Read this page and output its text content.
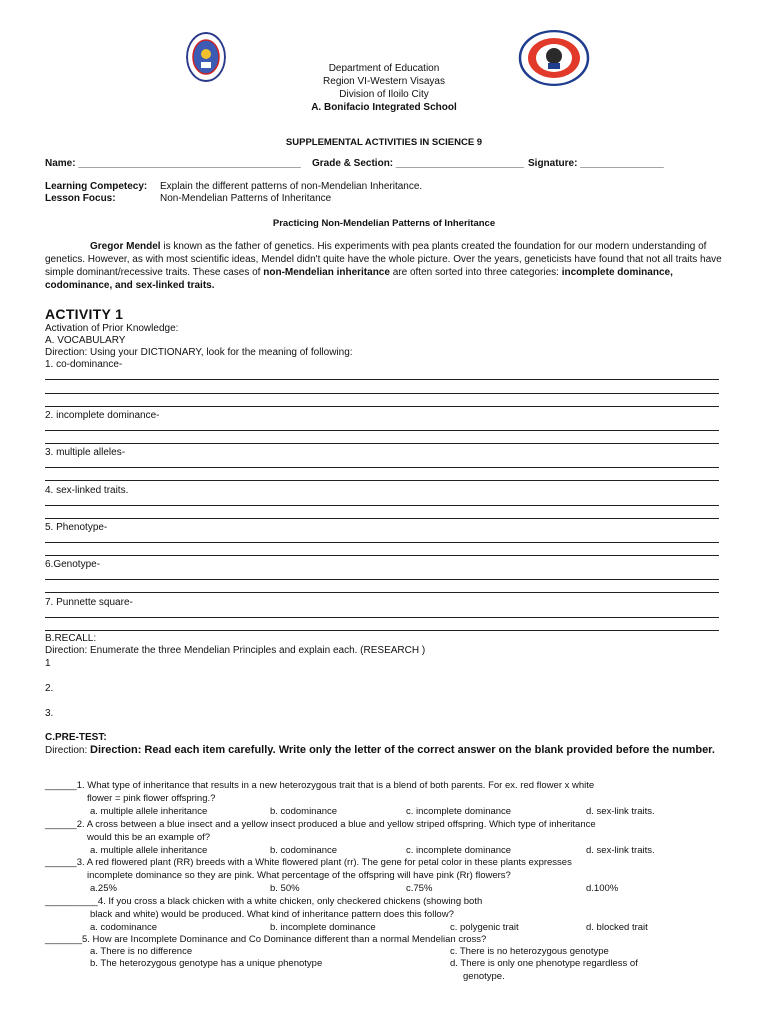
Department of Education
Region VI-Western Visayas
Division of Iloilo City
A. Bonifacio Integrated School
SUPPLEMENTAL ACTIVITIES IN SCIENCE 9
Name: ________________________________________ Grade & Section: _______________________ Signature: _______________
Learning Competecy: Explain the different patterns of non-Mendelian Inheritance.
Lesson Focus:	Non-Mendelian Patterns of Inheritance
Practicing Non-Mendelian Patterns of Inheritance
Gregor Mendel is known as the father of genetics. His experiments with pea plants created the foundation for our modern understanding of genetics. However, as with most scientific ideas, Mendel didn't quite have the whole picture. Over the years, geneticists have found that not all traits have simple dominant/recessive traits. These cases of non-Mendelian inheritance are often sorted into three categories: incomplete dominance, codominance, and sex-linked traits.
ACTIVITY 1
Activation of Prior Knowledge:
A. VOCABULARY
Direction: Using your DICTIONARY, look for the meaning of following:
1. co-dominance-
2. incomplete dominance-
3. multiple alleles-
4. sex-linked traits.
5. Phenotype-
6.Genotype-
7. Punnette square-
B.RECALL:
Direction: Enumerate the three Mendelian Principles and explain each. (RESEARCH )
1
2.
3.
C.PRE-TEST:
Direction: Direction: Read each item carefully. Write only the letter of the correct answer on the blank provided before the number.
______1. What type of inheritance that results in a new heterozygous trait that is a blend of both parents. For ex. red flower x white
flower = pink flower offspring.?
a. multiple allele inheritance	b. codominance	c. incomplete dominance	d. sex-link traits.
______2. A cross between a blue insect and a yellow insect produced a blue and yellow striped offspring. Which type of inheritance
would this be an example of?
a. multiple allele inheritance	b. codominance	c. incomplete dominance	d. sex-link traits.
______3. A red flowered plant (RR) breeds with a White flowered plant (rr). The gene for petal color in these plants expresses
incomplete dominance so they are pink. What percentage of the offspring will have pink (Rr) flowers?
a.25%	b. 50%	c.75%	d.100%
__________4. If you cross a black chicken with a white chicken, only checkered chickens (showing both
black and white) would be produced. What kind of inheritance pattern does this follow?
a. codominance	b. incomplete dominance	c. polygenic trait	d. blocked trait
_______5. How are Incomplete Dominance and Co Dominance different than a normal Mendelian cross?
a. There is no difference	c. There is no heterozygous genotype
b. The heterozygous genotype has a unique phenotype	d. There is only one phenotype regardless of
genotype.
